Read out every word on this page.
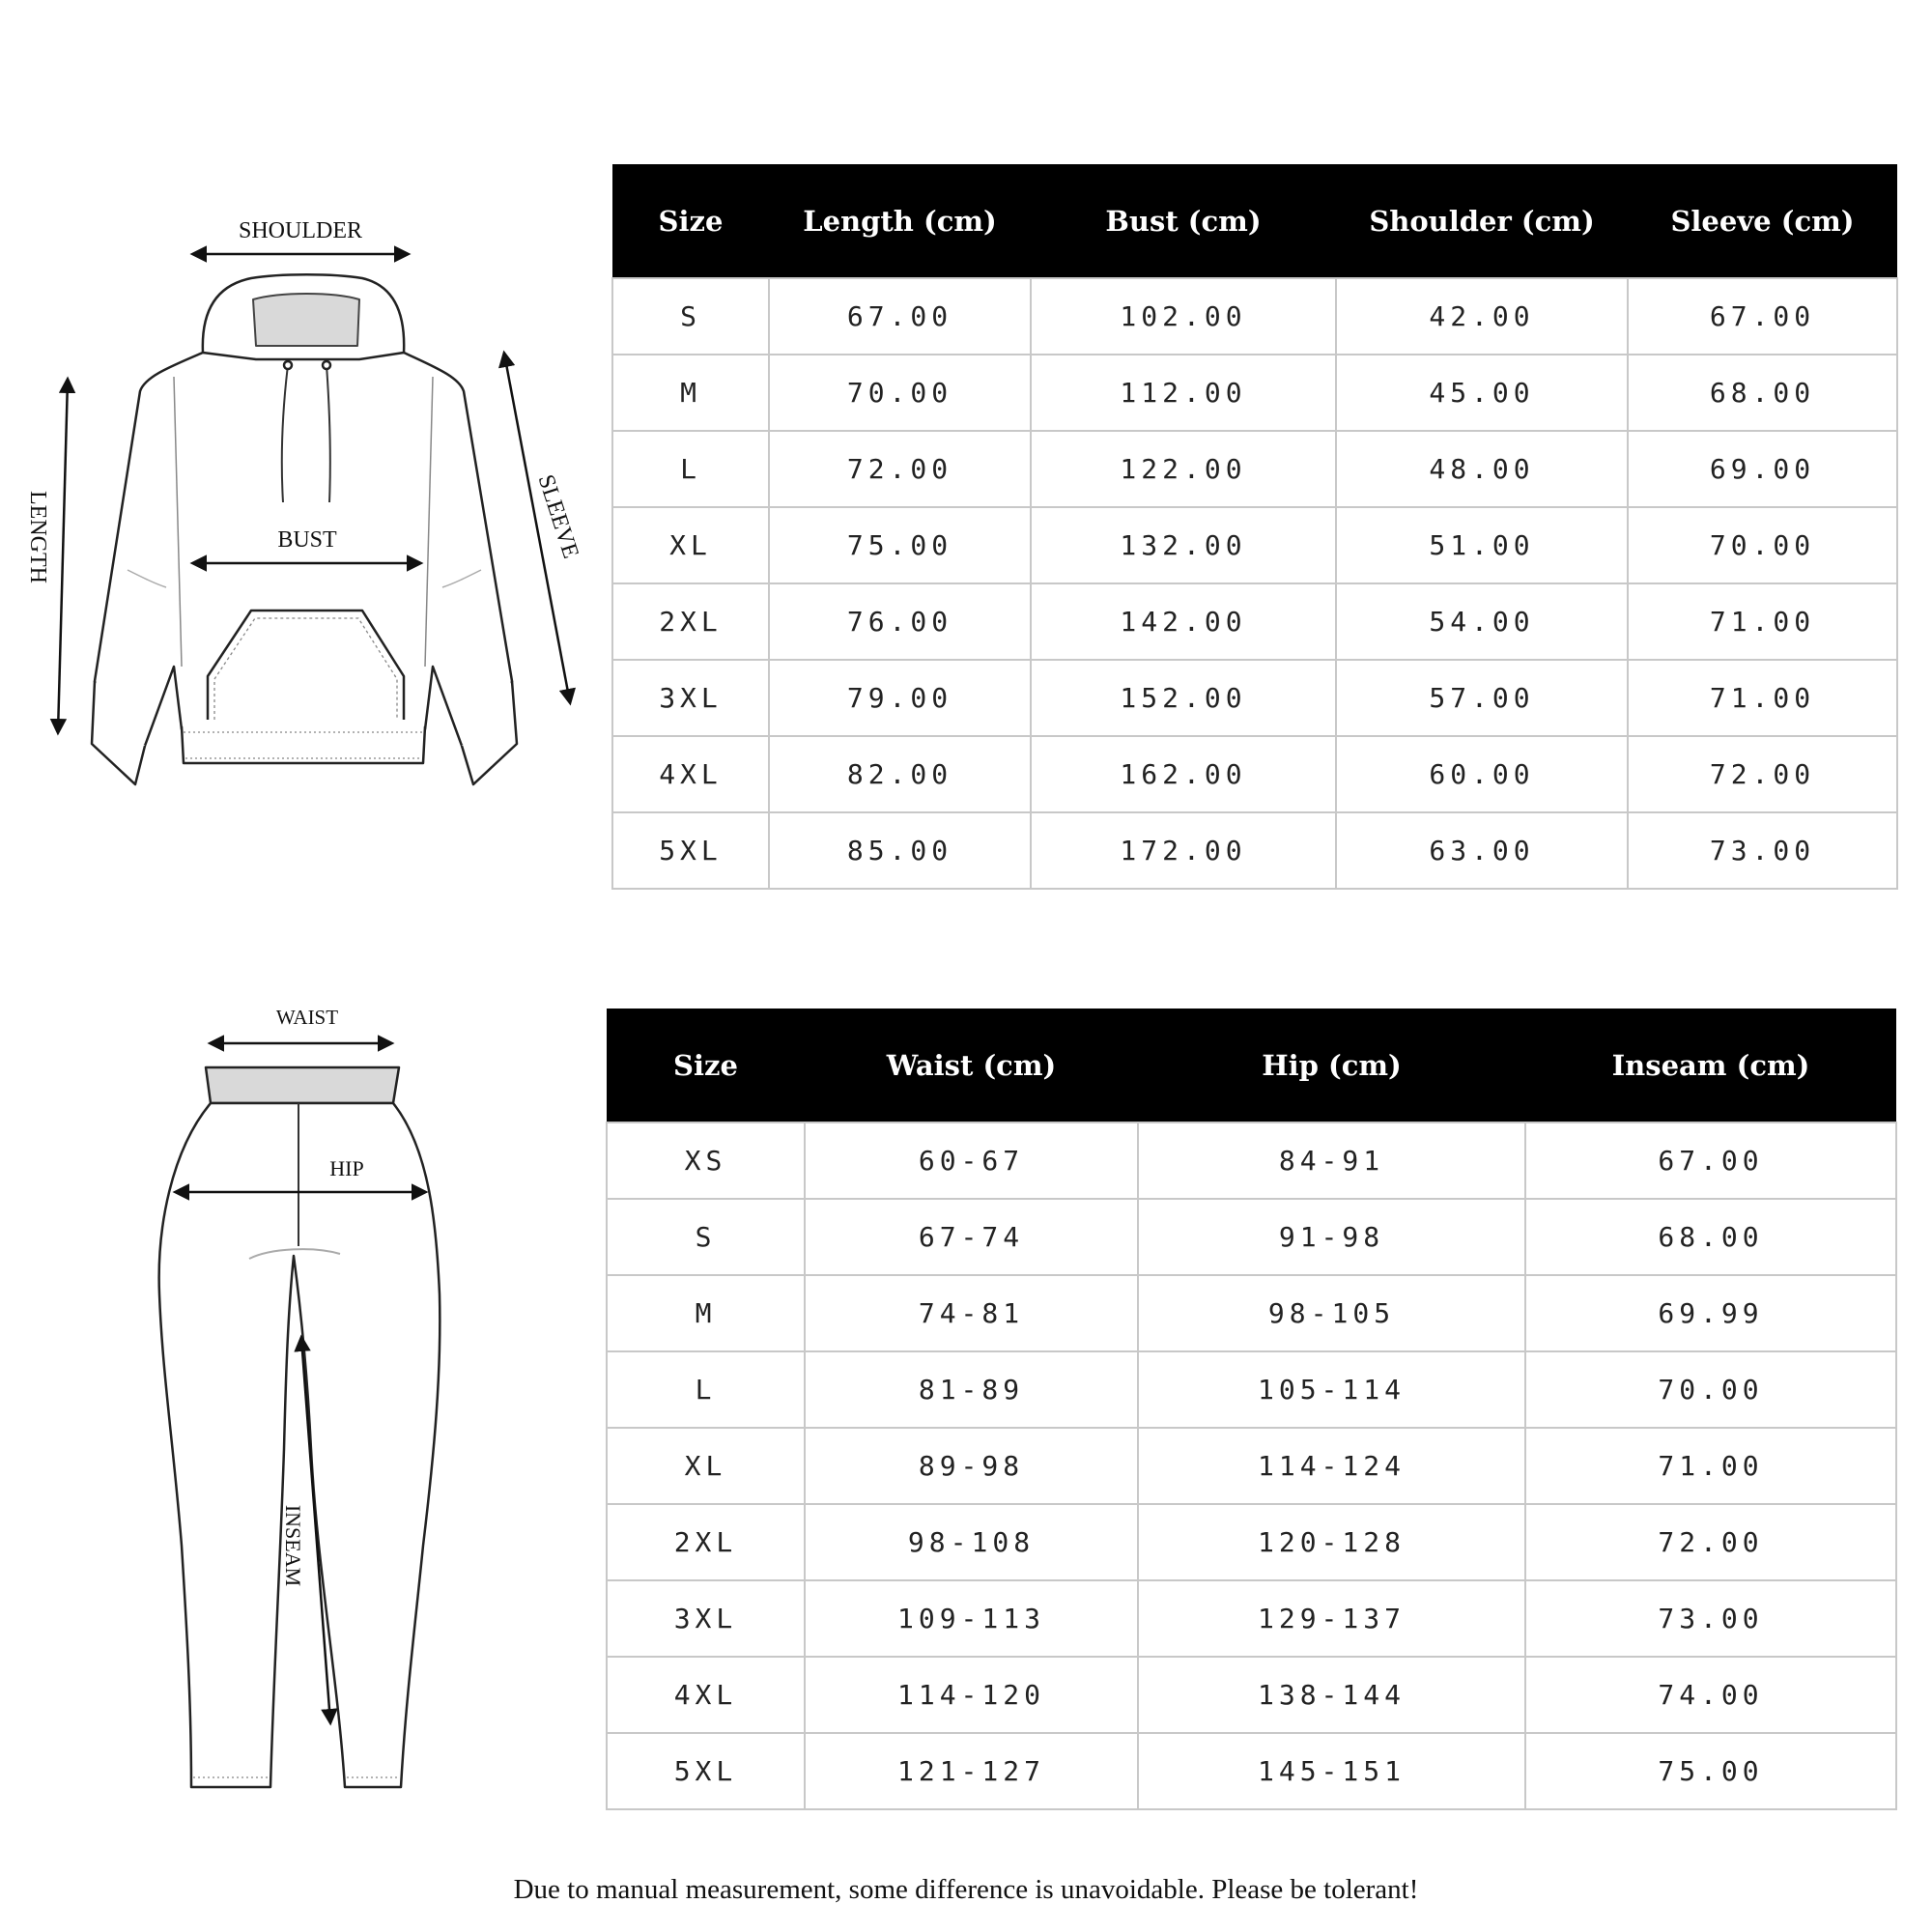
SHOULDER
BUST
LENGTH	SLEEVE
WAIST
HIP
INSEAM
Size	Length (cm)	Bust (cm)	Shoulder (cm)	Sleeve (cm)
S	67.00	102.00	42.00	67.00
M	70.00	112.00	45.00	68.00
L	72.00	122.00	48.00	69.00
XL	75.00	132.00	51.00	70.00
2XL	76.00	142.00	54.00	71.00
3XL	79.00	152.00	57.00	71.00
4XL	82.00	162.00	60.00	72.00
5XL	85.00	172.00	63.00	73.00
Size	Waist (cm)	Hip (cm)	Inseam (cm)
XS	60-67	84-91	67.00
S	67-74	91-98	68.00
M	74-81	98-105	69.99
L	81-89	105-114	70.00
XL	89-98	114-124	71.00
2XL	98-108	120-128	72.00
3XL	109-113	129-137	73.00
4XL	114-120	138-144	74.00
5XL	121-127	145-151	75.00
Due to manual measurement, some difference is unavoidable. Please be tolerant!
